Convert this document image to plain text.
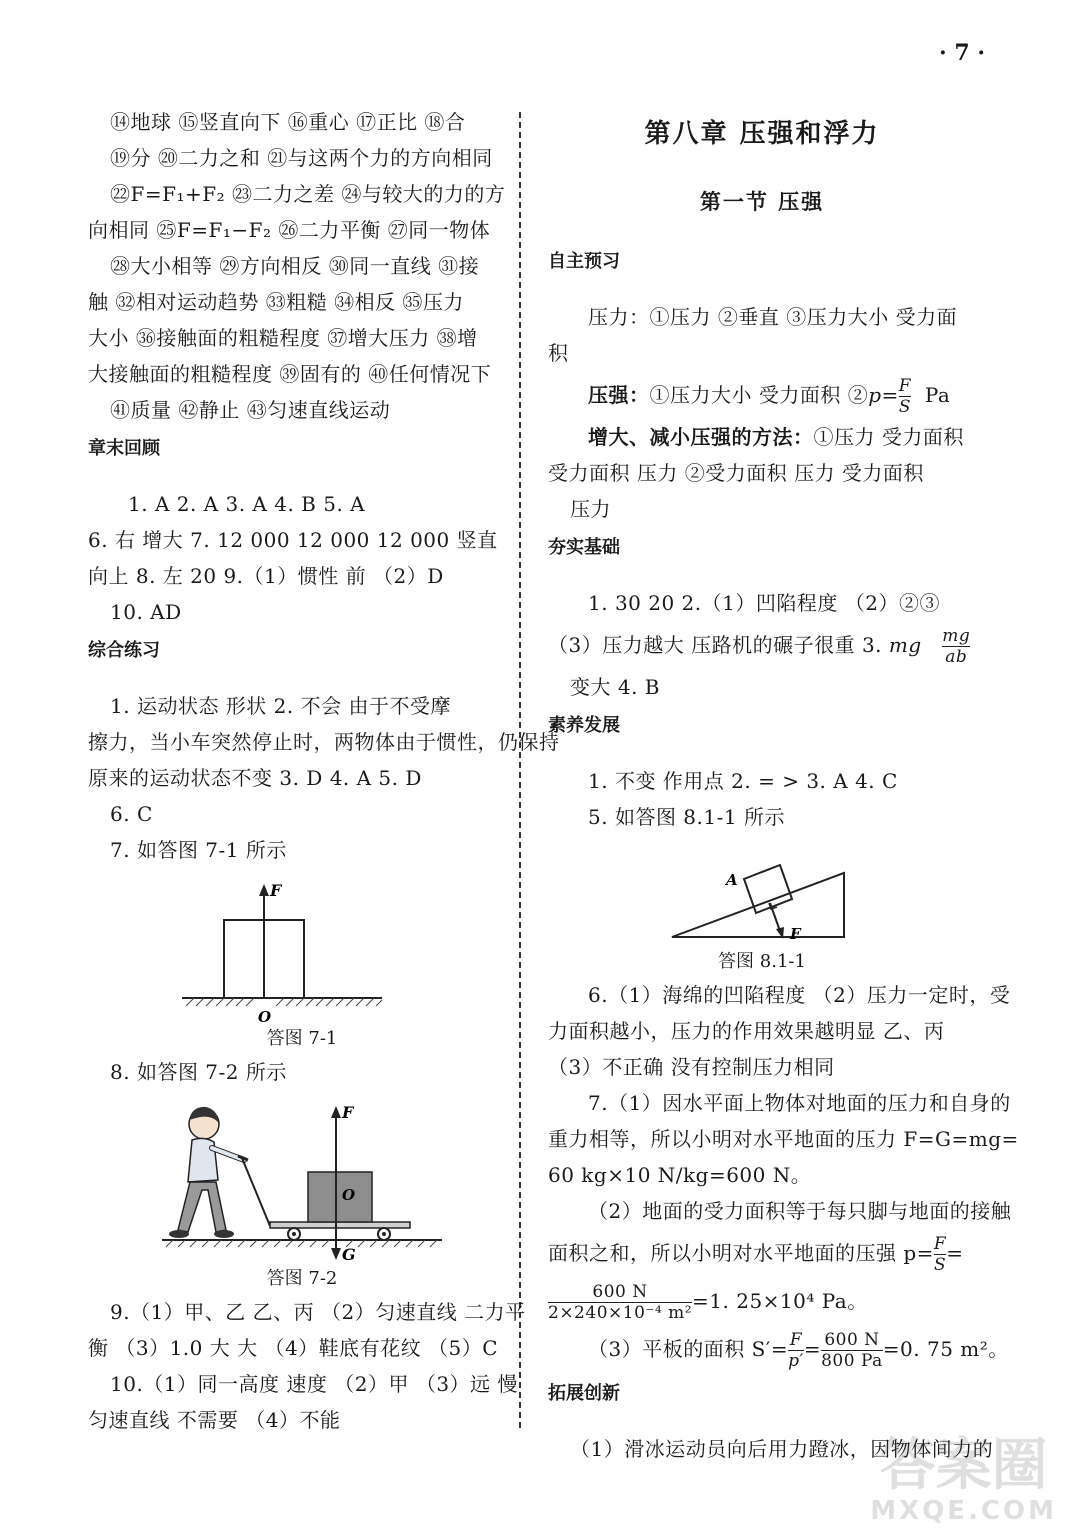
· 7 ·

⑭地球 ⑮竖直向下 ⑯重心 ⑰正比 ⑱合

⑲分 ⑳二力之和 ㉑与这两个力的方向相同

㉒F=F₁+F₂ ㉓二力之差 ㉔与较大的力的方

向相同 ㉕F=F₁−F₂ ㉖二力平衡 ㉗同一物体

㉘大小相等 ㉙方向相反 ㉚同一直线 ㉛接

触 ㉜相对运动趋势 ㉝粗糙 ㉞相反 ㉟压力

大小 ㊱接触面的粗糙程度 ㊲增大压力 ㊳增

大接触面的粗糙程度 ㊴固有的 ㊵任何情况下

㊶质量 ㊷静止 ㊸匀速直线运动

章末回顾

1. A 2. A 3. A 4. B 5. A

6. 右 增大 7. 12 000 12 000 12 000 竖直

向上 8. 左 20 9.（1）惯性 前 （2）D

10. AD

综合练习

1. 运动状态 形状 2. 不会 由于不受摩

擦力，当小车突然停止时，两物体由于惯性，仍保持

原来的运动状态不变 3. D 4. A 5. D

6. C

7. 如答图 7-1 所示

F
O

答图 7-1

8. 如答图 7-2 所示

F
G
O

答图 7-2

9.（1）甲、乙 乙、丙 （2）匀速直线 二力平

衡 （3）1.0 大 大 （4）鞋底有花纹 （5）C

10.（1）同一高度 速度 （2）甲 （3）远 慢

匀速直线 不需要 （4）不能

第八章 压强和浮力

第一节 压强

自主预习

压力：①压力 ②垂直 ③压力大小 受力面

积

压强：①压力大小 受力面积 ②p= $\frac{F}{S}$ Pa

增大、减小压强的方法：①压力 受力面积

受力面积 压力 ②受力面积 压力 受力面积

压力

夯实基础

1. 30 20 2.（1）凹陷程度 （2）②③

（3）压力越大 压路机的碾子很重 3. mg $\frac{mg}{ab}$

变大 4. B

素养发展

1. 不变 作用点 2. = > 3. A 4. C

5. 如答图 8.1-1 所示

A
F

答图 8.1-1

6.（1）海绵的凹陷程度 （2）压力一定时，受

力面积越小，压力的作用效果越明显 乙、丙

（3）不正确 没有控制压力相同

7.（1）因水平面上物体对地面的压力和自身的

重力相等，所以小明对水平地面的压力 F=G=mg=

60 kg×10 N/kg=600 N。

（2）地面的受力面积等于每只脚与地面的接触

面积之和，所以小明对水平地面的压强 $p= \frac{F}{S}$ =

$\frac{600 N}{\text{2×240×10⁻⁴ m²}} =1$. 25×10⁴ Pa。

（3）平板的面积 $S'= \frac{F}{p'} = \frac{600 N}{800 Pa} =0$. 75 m²。

拓展创新

（1）滑冰运动员向后用力蹬冰，因物体间力的

答案圈
MXQE.COM
